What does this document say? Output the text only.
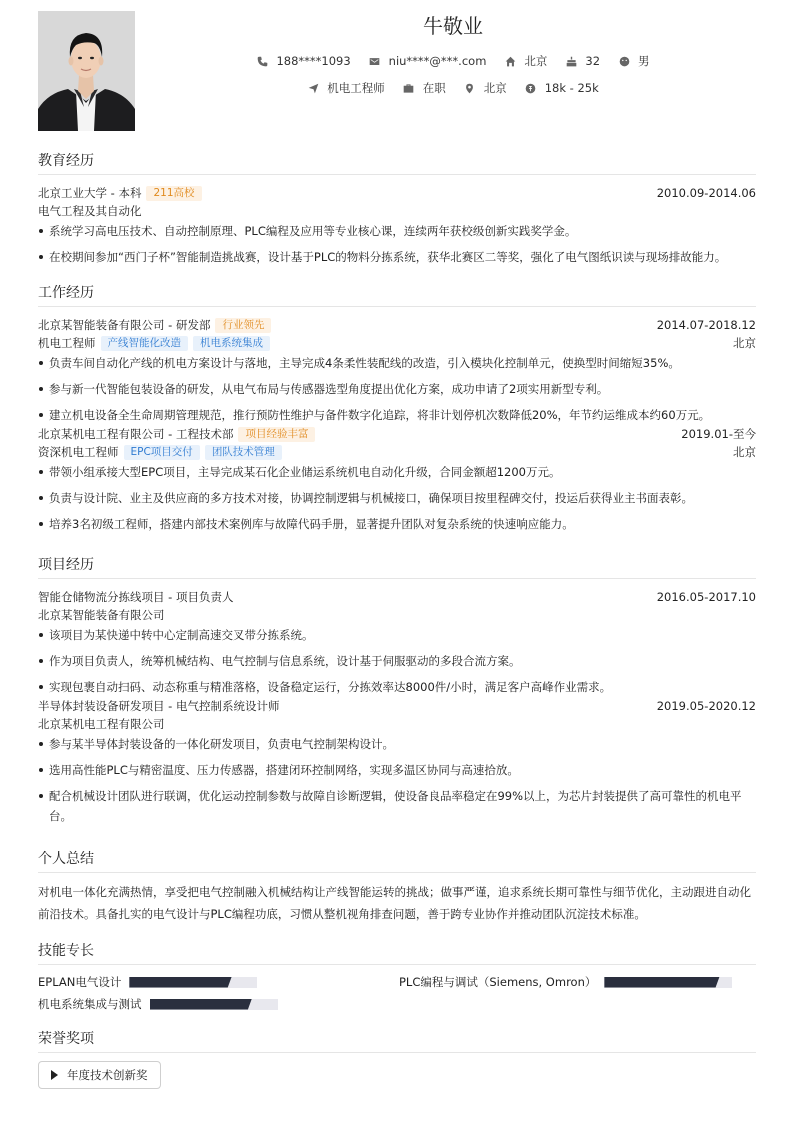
牛敬业
188****1093	niu****@***.com	北京	32	男
机电工程师	在职	北京	18k - 25k
教育经历
北京工业大学 - 本科	211高校	2010.09-2014.06
电气工程及其自动化
系统学习高电压技术、自动控制原理、PLC编程及应用等专业核心课，连续两年获校级创新实践奖学金。
在校期间参加“西门子杯”智能制造挑战赛，设计基于PLC的物料分拣系统，获华北赛区二等奖，强化了电气图纸识读与现场排故能力。
工作经历
北京某智能装备有限公司 - 研发部	行业领先	2014.07-2018.12
机电工程师	产线智能化改造	机电系统集成	北京
负责车间自动化产线的机电方案设计与落地，主导完成4条柔性装配线的改造，引入模块化控制单元，使换型时间缩短35%。
参与新一代智能包装设备的研发，从电气布局与传感器选型角度提出优化方案，成功申请了2项实用新型专利。
建立机电设备全生命周期管理规范，推行预防性维护与备件数字化追踪，将非计划停机次数降低20%，年节约运维成本约60万元。
北京某机电工程有限公司 - 工程技术部	项目经验丰富	2019.01-至今
资深机电工程师	EPC项目交付	团队技术管理	北京
带领小组承接大型EPC项目，主导完成某石化企业储运系统机电自动化升级，合同金额超1200万元。
负责与设计院、业主及供应商的多方技术对接，协调控制逻辑与机械接口，确保项目按里程碑交付，投运后获得业主书面表彰。
培养3名初级工程师，搭建内部技术案例库与故障代码手册，显著提升团队对复杂系统的快速响应能力。
项目经历
智能仓储物流分拣线项目 - 项目负责人	2016.05-2017.10
北京某智能装备有限公司
该项目为某快递中转中心定制高速交叉带分拣系统。
作为项目负责人，统筹机械结构、电气控制与信息系统，设计基于伺服驱动的多段合流方案。
实现包裹自动扫码、动态称重与精准落格，设备稳定运行，分拣效率达8000件/小时，满足客户高峰作业需求。
半导体封装设备研发项目 - 电气控制系统设计师	2019.05-2020.12
北京某机电工程有限公司
参与某半导体封装设备的一体化研发项目，负责电气控制架构设计。
选用高性能PLC与精密温度、压力传感器，搭建闭环控制网络，实现多温区协同与高速拾放。
配合机械设计团队进行联调，优化运动控制参数与故障自诊断逻辑，使设备良品率稳定在99%以上，为芯片封装提供了高可靠性的机电平台。
个人总结
对机电一体化充满热情，享受把电气控制融入机械结构让产线智能运转的挑战；做事严谨，追求系统长期可靠性与细节优化，主动跟进自动化前沿技术。具备扎实的电气设计与PLC编程功底，习惯从整机视角排查问题，善于跨专业协作并推动团队沉淀技术标准。
技能专长
EPLAN电气设计	PLC编程与调试（Siemens, Omron）
机电系统集成与测试
荣誉奖项
年度技术创新奖
